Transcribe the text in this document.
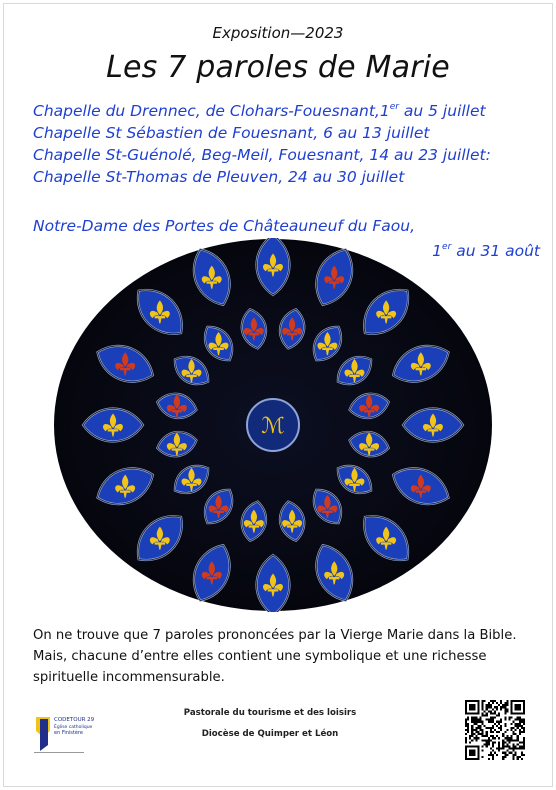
Exposition—2023
Les 7 paroles de Marie
Chapelle du Drennec, de Clohars-Fouesnant,1er au 5 juillet
Chapelle St Sébastien de Fouesnant, 6 au 13 juillet
Chapelle St-Guénolé, Beg-Meil, Fouesnant, 14 au 23 juillet:
Chapelle St-Thomas de Pleuven, 24 au 30 juillet
Notre-Dame des Portes de Châteauneuf du Faou,
1er au 31 août
ℳ
On ne trouve que 7 paroles prononcées par la Vierge Marie dans la Bible.
Mais, chacune d’entre elles contient une symbolique et une richesse
spirituelle incommensurable.
CODETOUR 29
Église catholique
en Finistère
Pastorale du tourisme et des loisirs
Diocèse de Quimper et Léon
